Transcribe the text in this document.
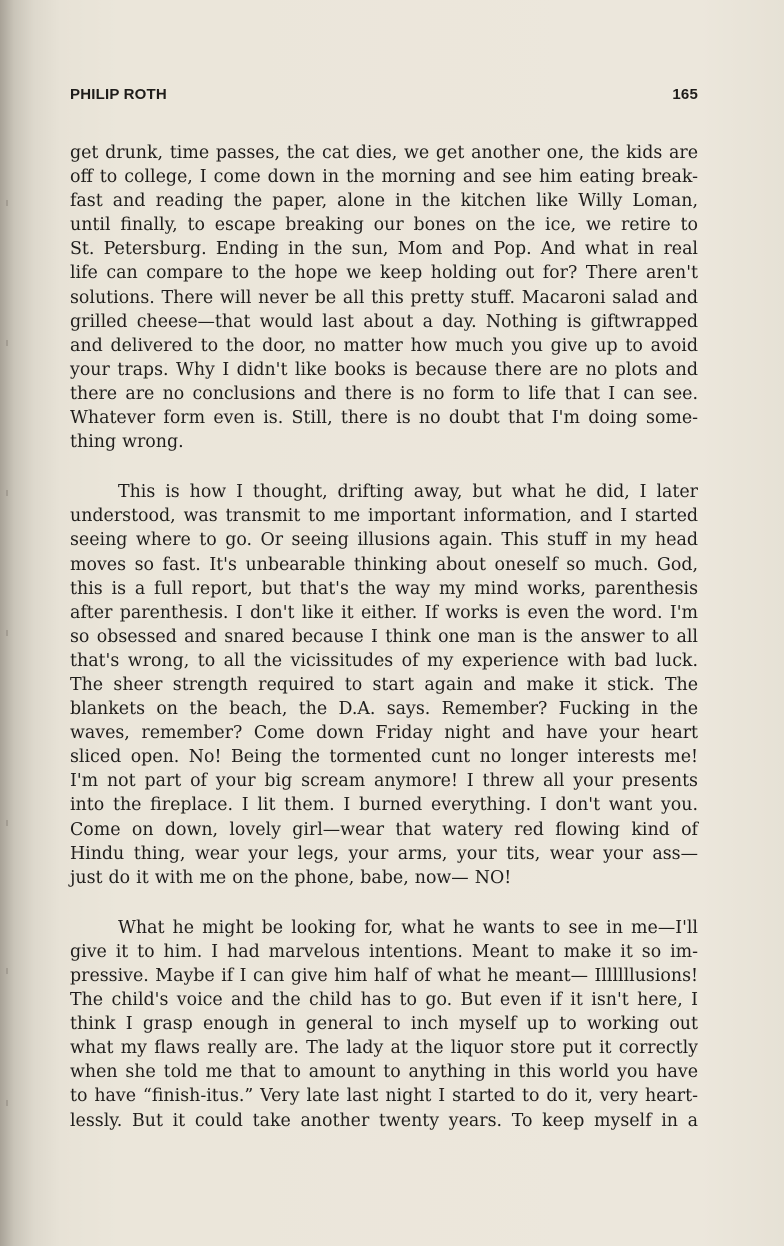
PHILIP ROTH	165
get drunk, time passes, the cat dies, we get another one, the kids are
off to college, I come down in the morning and see him eating break-
fast and reading the paper, alone in the kitchen like Willy Loman,
until finally, to escape breaking our bones on the ice, we retire to
St. Petersburg. Ending in the sun, Mom and Pop. And what in real
life can compare to the hope we keep holding out for? There aren't
solutions. There will never be all this pretty stuff. Macaroni salad and
grilled cheese—that would last about a day. Nothing is giftwrapped
and delivered to the door, no matter how much you give up to avoid
your traps. Why I didn't like books is because there are no plots and
there are no conclusions and there is no form to life that I can see.
Whatever form even is. Still, there is no doubt that I'm doing some-
thing wrong.
This is how I thought, drifting away, but what he did, I later
understood, was transmit to me important information, and I started
seeing where to go. Or seeing illusions again. This stuff in my head
moves so fast. It's unbearable thinking about oneself so much. God,
this is a full report, but that's the way my mind works, parenthesis
after parenthesis. I don't like it either. If works is even the word. I'm
so obsessed and snared because I think one man is the answer to all
that's wrong, to all the vicissitudes of my experience with bad luck.
The sheer strength required to start again and make it stick. The
blankets on the beach, the D.A. says. Remember? Fucking in the
waves, remember? Come down Friday night and have your heart
sliced open. No! Being the tormented cunt no longer interests me!
I'm not part of your big scream anymore! I threw all your presents
into the fireplace. I lit them. I burned everything. I don't want you.
Come on down, lovely girl—wear that watery red flowing kind of
Hindu thing, wear your legs, your arms, your tits, wear your ass—
just do it with me on the phone, babe, now— NO!
What he might be looking for, what he wants to see in me—I'll
give it to him. I had marvelous intentions. Meant to make it so im-
pressive. Maybe if I can give him half of what he meant— Illllllusions!
The child's voice and the child has to go. But even if it isn't here, I
think I grasp enough in general to inch myself up to working out
what my flaws really are. The lady at the liquor store put it correctly
when she told me that to amount to anything in this world you have
to have “finish-itus.” Very late last night I started to do it, very heart-
lessly. But it could take another twenty years. To keep myself in a
